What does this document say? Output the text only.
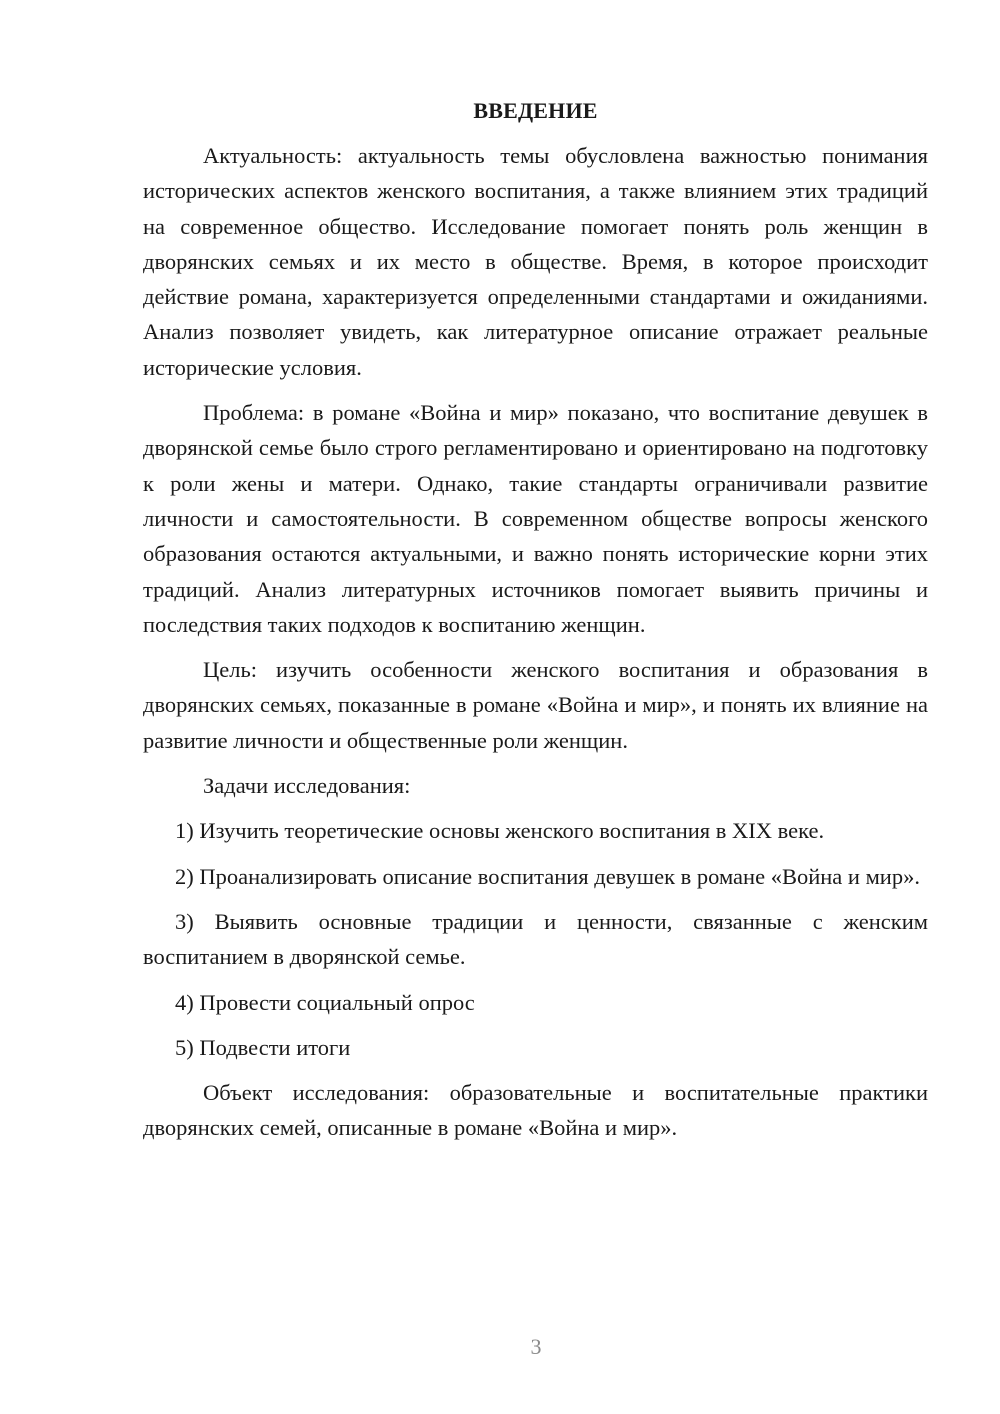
ВВЕДЕНИЕ

Актуальность: актуальность темы обусловлена важностью понимания исторических аспектов женского воспитания, а также влиянием этих традиций на современное общество. Исследование помогает понять роль женщин в дворянских семьях и их место в обществе. Время, в которое происходит действие романа, характеризуется определенными стандартами и ожиданиями. Анализ позволяет увидеть, как литературное описание отражает реальные исторические условия.

Проблема: в романе «Война и мир» показано, что воспитание девушек в дворянской семье было строго регламентировано и ориентировано на подготовку к роли жены и матери. Однако, такие стандарты ограничивали развитие личности и самостоятельности. В современном обществе вопросы женского образования остаются актуальными, и важно понять исторические корни этих традиций. Анализ литературных источников помогает выявить причины и последствия таких подходов к воспитанию женщин.

Цель: изучить особенности женского воспитания и образования в дворянских семьях, показанные в романе «Война и мир», и понять их влияние на развитие личности и общественные роли женщин.

Задачи исследования:

1) Изучить теоретические основы женского воспитания в XIX веке.

2) Проанализировать описание воспитания девушек в романе «Война и мир».

3) Выявить основные традиции и ценности, связанные с женским воспитанием в дворянской семье.

4) Провести социальный опрос

5) Подвести итоги

Объект исследования: образовательные и воспитательные практики дворянских семей, описанные в романе «Война и мир».

3
